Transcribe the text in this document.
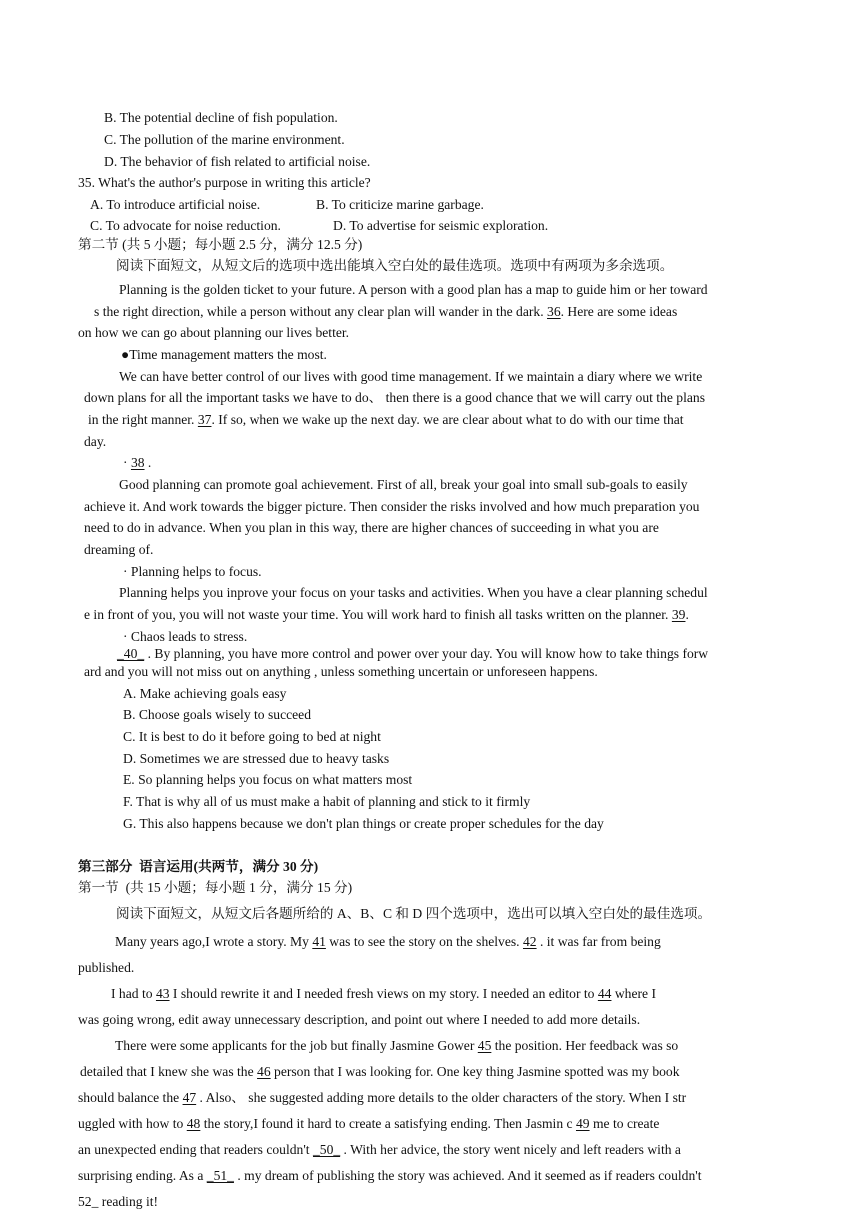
B. The potential decline of fish population.
C. The pollution of the marine environment.
D. The behavior of fish related to artificial noise.
35. What's the author's purpose in writing this article?
A. To introduce artificial noise.	B. To criticize marine garbage.
C. To advocate for noise reduction.	D. To advertise for seismic exploration.
第二节 (共 5 小题；每小题 2.5 分，满分 12.5 分)
阅读下面短文，从短文后的选项中选出能填入空白处的最佳选项。选项中有两项为多余选项。
Planning is the golden ticket to your future. A person with a good plan has a map to guide him or her toward
s the right direction, while a person without any clear plan will wander in the dark. 36. Here are some ideas
on how we can go about planning our lives better.
●Time management matters the most.
We can have better control of our lives with good time management. If we maintain a diary where we write
down plans for all the important tasks we have to do、 then there is a good chance that we will carry out the plans
in the right manner. 37. If so, when we wake up the next day. we are clear about what to do with our time that
day.
· 38 .
Good planning can promote goal achievement. First of all, break your goal into small sub-goals to easily
achieve it. And work towards the bigger picture. Then consider the risks involved and how much preparation you
need to do in advance. When you plan in this way, there are higher chances of succeeding in what you are
dreaming of.
· Planning helps to focus.
Planning helps you inprove your focus on your tasks and activities. When you have a clear planning schedul
e in front of you, you will not waste your time. You will work hard to finish all tasks written on the planner. 39.
· Chaos leads to stress.
_40_ . By planning, you have more control and power over your day. You will know how to take things forw
ard and you will not miss out on anything , unless something uncertain or unforeseen happens.
A. Make achieving goals easy
B. Choose goals wisely to succeed
C. It is best to do it before going to bed at night
D. Sometimes we are stressed due to heavy tasks
E. So planning helps you focus on what matters most
F. That is why all of us must make a habit of planning and stick to it firmly
G. This also happens because we don't plan things or create proper schedules for the day
第三部分  语言运用(共两节，满分 30 分)
第一节  (共 15 小题；每小题 1 分，满分 15 分)
阅读下面短文，从短文后各题所给的 A、B、C 和 D 四个选项中，选出可以填入空白处的最佳选项。
Many years ago,I wrote a story. My 41 was to see the story on the shelves. 42 . it was far from being
published.
I had to 43 I should rewrite it and I needed fresh views on my story. I needed an editor to 44 where I
was going wrong, edit away unnecessary description, and point out where I needed to add more details.
There were some applicants for the job but finally Jasmine Gower 45 the position. Her feedback was so
detailed that I knew she was the 46 person that I was looking for. One key thing Jasmine spotted was my book
should balance the 47 . Also、 she suggested adding more details to the older characters of the story. When I str
uggled with how to 48 the story,I found it hard to create a satisfying ending. Then Jasmin c 49 me to create
an unexpected ending that readers couldn't _50_ . With her advice, the story went nicely and left readers with a
surprising ending. As a _51_ . my dream of publishing the story was achieved. And it seemed as if readers couldn't
52_ reading it!
